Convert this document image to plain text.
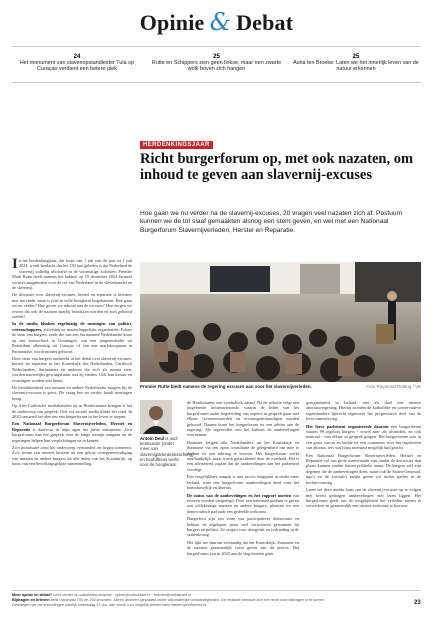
Opinie & Debat
24
Het monument van slavenopstandleider Tula op Curaçao verdient een betere plek
25
Rutte en Schippers zien geen linkse, maar een zwarte wolk boven zich hangen
25
Asha ten Broeke: Laten we het innerlijk leven van de natuur erkennen
HERDENKINGSJAAR
Richt burgerforum op, met ook nazaten, om inhoud te geven aan slavernij-excuses
Hoe gaan we nu verder na de slavernij-excuses, 20 vragen veel nazaten zich af. Postuum kunnen we de tot slaaf gemaakten alsnog een stem geven, en wel met een Nationaal Burgerforum Slavernijverleden, Herstel en Reparatie.

In het herdenkingsjaar, dat loopt van 1 juli van dit jaar tot 1 juli 2024, wordt herdacht dat het 150 jaar geleden is dat Nederland de slavernij volledig afschafte in de voormalige koloniën. Premier Mark Rutte heeft namens het kabinet op 19 december 2022 formeel excuses aangeboden voor de rol van Nederland in de slavenhandel en de slavernij.

De discussie over slavernij-excuses, herstel en reparatie is hiermee niet ten einde, maar is juist in volle hevigheid losgebarsten. Hoe gaan we nu verder? Hoe geven we inhoud aan de excuses? Hoe zorgen we ervoor dat ook de nazaten daarbij betrokken worden en zich gehoord voelen?

In de media klinken regelmatig de meningen van politici, wetenschappers, activisten en maatschappelijke organisaties. Echter de stem van burgers, zoals die van een Surinaamse Nederlandse kraai op een basisschool in Groningen, van een jongerenleider uit Rotterdam afkomstig uit Curaçao of van een marktkoopman in Paramaribo, wordt minder gehoord.

Deze stem van burgers ontbreekt in het debat over slavernij-excuses, herstel en reparatie in het Koninkrijk der Nederlanden. Caribisch Nederlanders, Surinamers en anderen die zich als nazaat zien, worden nauwelijks gevraagd naar wat zij vinden. Ook hun kennis en ervaringen worden niet benut.

De betrokkenheid van nazaten en andere Nederlandse burgers bij de slavernij-excuses is groot. De vraag hoe nu verder, houdt meningen bezig.

Op Afro-Caribische mediakanalen en in Hindostaanse kringen is het de onderwerp van gesprek. Ook via sociale media klinkt het rond. In 2020 ontstond het idee om een burgerforum in het leven te roepen.

Een Nationaal Burgerforum Slavernijverleden, Herstel en Reparatie is daarvoor in mijn ogen het juiste instrument. Zo'n burgerforum kan het gesprek over de lange termijn aangaan en de regeringen helpen hun verplichtingen na te komen.

Zo'n polarisatie rond het onderwerp vermindert en begrip toeneemt. Zo'n forum zou moeten bestaan uit een gelote vertegenwoordiging van nazaten en andere burgers uit alle delen van het Koninkrijk, op basis van een bevolkingsgelijke samenstelling.

Premier Rutte biedt namens de regering excuses aan voor het slavernijverleden.	Foto Raymond Rutting / VK
Antoin Deul is oud-bestuurder (onder meer van slavernijparterdenkstichting) en hoofdtheus werkt voor de hoogleraar.

de Hindostanen, een symbolisch aantal. Na de selectie volgt een uitgebreide informatieronde, waarin de leden van het burgerforum onder begeleiding van experts in gesprek gaan met elkaar. Geïnteresseerden en ervaringsdeskundigen worden gehoord. Daarna komt het burgerforum tot een advies aan de regering. Als tegenvaller zou het kabinet de aanbevelingen overnemen.

Daarmee krijgen alle Nederlanders uit het Koninkrijk en Suriname via een open consultatie de gelegenheid om mee te denken en een inbreng te leveren. Het burgerforum werkt onafhankelijk, maar wordt gefaciliteerd door de overheid. Het is een adviserend orgaan dat de aanbevelingen aan het parlement voorlegt.

Een vergelijkbare aanpak is met succes toegepast in onder meer Ierland, waar een burgerforum aanbevelingen deed over het homohuwelijk en abortus.

De status van de aanbevelingen en het rapport moeten van tevoren worden vastgelegd. Door een nationaal podium te geven aan willekeurige nazaten en andere burgers, plaatsen we een democratisch pad naar een gedeelde toekomst.

Burgerfora zijn een vorm van participatieve democratie en hebben de afgelopen jaren veel vertrouwen gewonnen bij burgers en politici. Ze zorgen voor draagvlak en verbinding in de samenleving.

Het lijkt me daarom verstandig dat het Koninkrijk, Suriname en de nazaten gezamenlijk vorm geven aan dit proces. Het burgerforum zou in 2025 aan de slag moeten gaan.

georganiseerd in Ierland, met als doel een nieuwe abortuswetgeving. Hierbij stonden de katholieke en conservatieve tegenstanders lijnrecht tegenover het progressieve deel van de Ierse samenleving.

Het Ierse parlement organiseerde daarom een burgerforum waarin 99 ingeloot burgers - zowel aan- als afvandels, en ook neutraal - met elkaar in gesprek gingen. Het burgerforum was in een groot succes en leidde tot een consensus voor het legaliseren van abortus, iets wat bijna niemand mogelijk had geacht.

Een Nationaal Burgerforum Slavernijverleden, Herstel en Reparatie zal van grote meerwaarde zijn omdat de discussies dan plaats kunnen vinden buiten politieke arena. De burgers zelf zijn degenen die de aanbevelingen doen, maar ook de Staten-Generaal, ngo's en de (sociale) media geven tot ruilen spelen in de besluitvorming.

Laten we deze unieke kans om de slavernij-excuses op te volgen met breed gedragen aanbevelingen niet laten liggen. Het burgerforum geeft ons de mogelijkheid het verleden samen te verwerken en gezamenlijk een nieuwe toekomst te bouwen.

Meer opinie en debat? Lees verder op volkskrant.nl/opinie · opinie@volkskrant.nl · brieven@volkskrant.nl
Bijdragen en brieven liefst maximaal 700 en 200 woorden. Alleen anoniem geplaatst onder uitzonderlijke omstandigheden. De redactie behoudt zich het recht voor bijdragen in te korten.
Ontvangen we uw inzendingen uiterlijk woensdag 12 uur, dan wordt u zo mogelijk binnen twee weken geïnformeerd.	23
